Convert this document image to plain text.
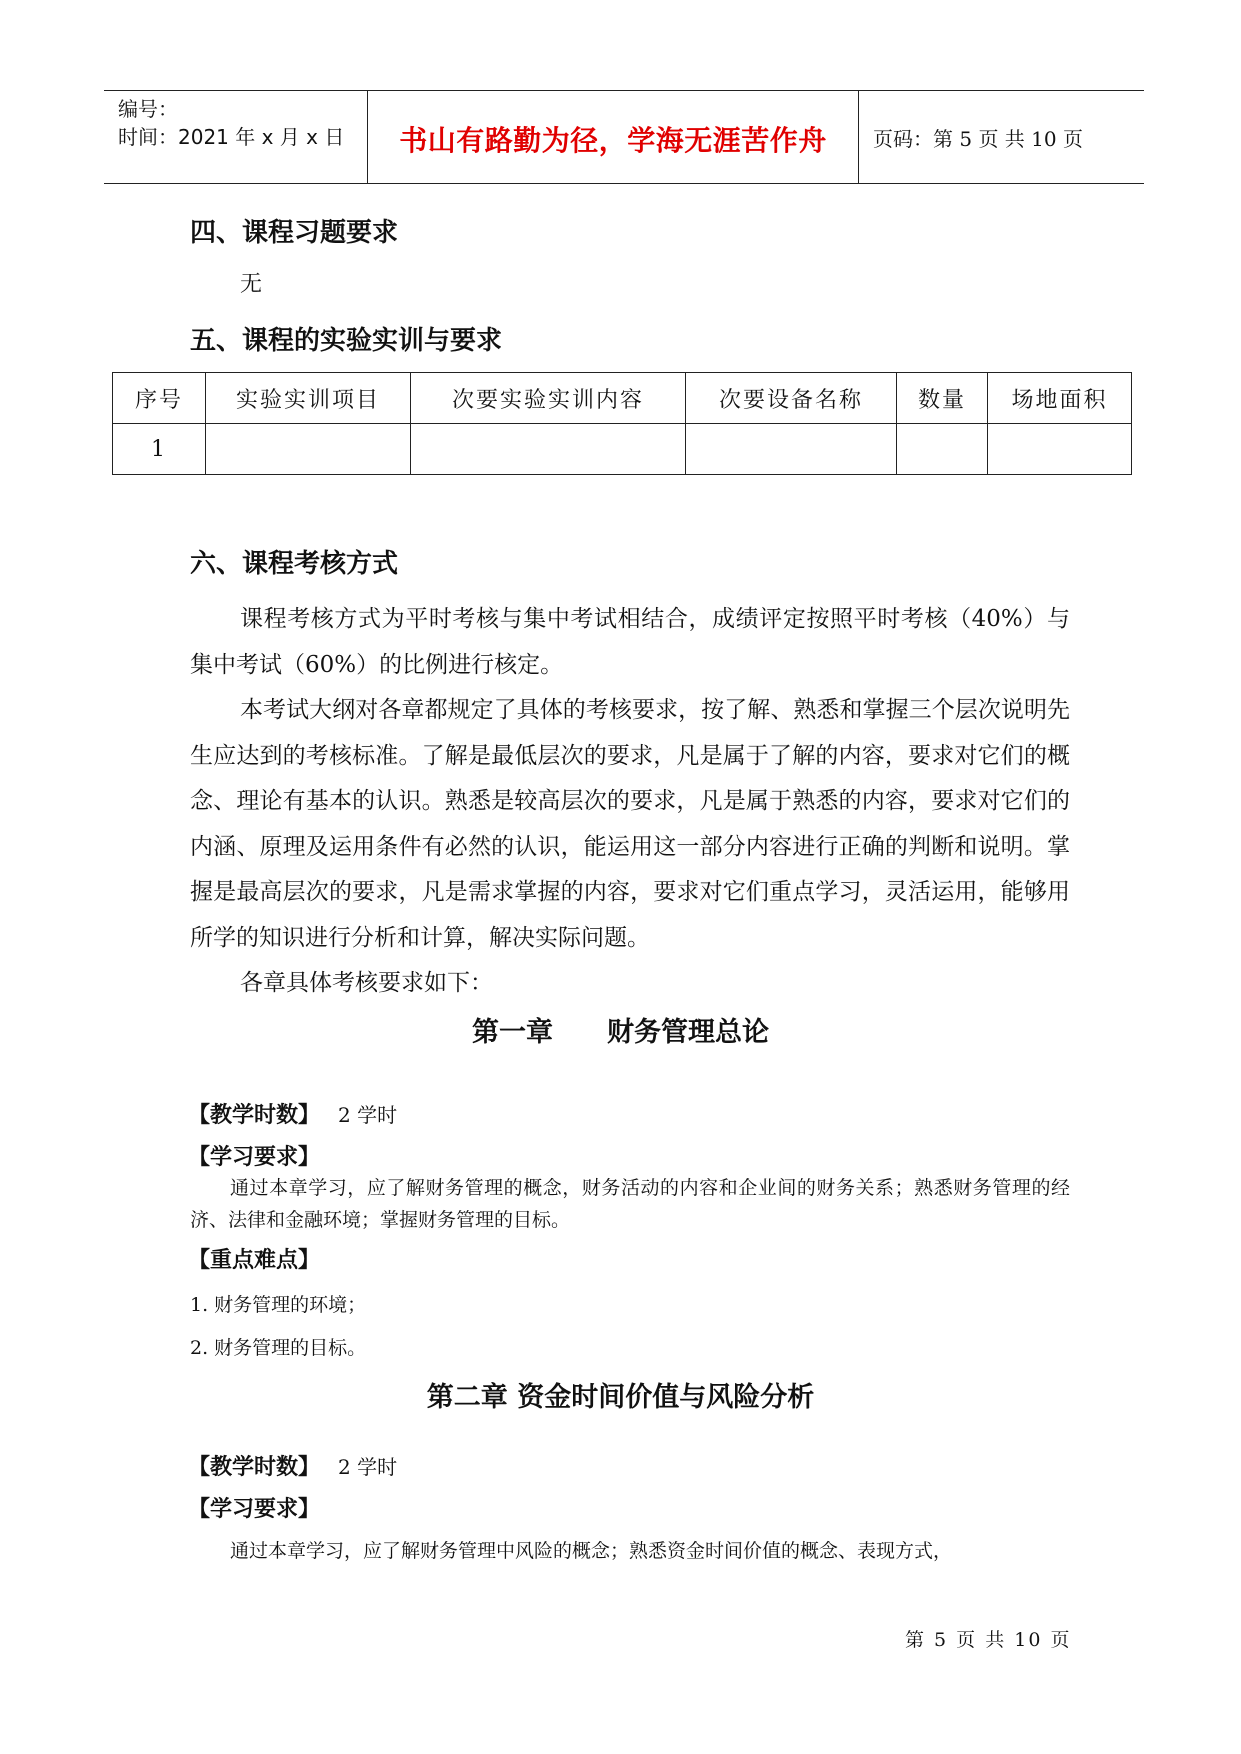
编号：
时间：2021 年 x 月 x 日	书山有路勤为径，学海无涯苦作舟	页码：第 5 页 共 10 页
四、课程习题要求
无
五、课程的实验实训与要求
序号	实验实训项目	次要实验实训内容	次要设备名称	数量	场地面积
1					
六、课程考核方式
课程考核方式为平时考核与集中考试相结合，成绩评定按照平时考核（40%）与集中考试（60%）的比例进行核定。
本考试大纲对各章都规定了具体的考核要求，按了解、熟悉和掌握三个层次说明先生应达到的考核标准。了解是最低层次的要求，凡是属于了解的内容，要求对它们的概念、理论有基本的认识。熟悉是较高层次的要求，凡是属于熟悉的内容，要求对它们的内涵、原理及运用条件有必然的认识，能运用这一部分内容进行正确的判断和说明。掌握是最高层次的要求，凡是需求掌握的内容，要求对它们重点学习，灵活运用，能够用所学的知识进行分析和计算，解决实际问题。
各章具体考核要求如下：
第一章　　财务管理总论
【教学时数】 2 学时
【学习要求】
通过本章学习，应了解财务管理的概念，财务活动的内容和企业间的财务关系；熟悉财务管理的经济、法律和金融环境；掌握财务管理的目标。
【重点难点】
1. 财务管理的环境；
2. 财务管理的目标。
第二章 资金时间价值与风险分析
【教学时数】 2 学时
【学习要求】
通过本章学习，应了解财务管理中风险的概念；熟悉资金时间价值的概念、表现方式，
第 5 页 共 10 页
